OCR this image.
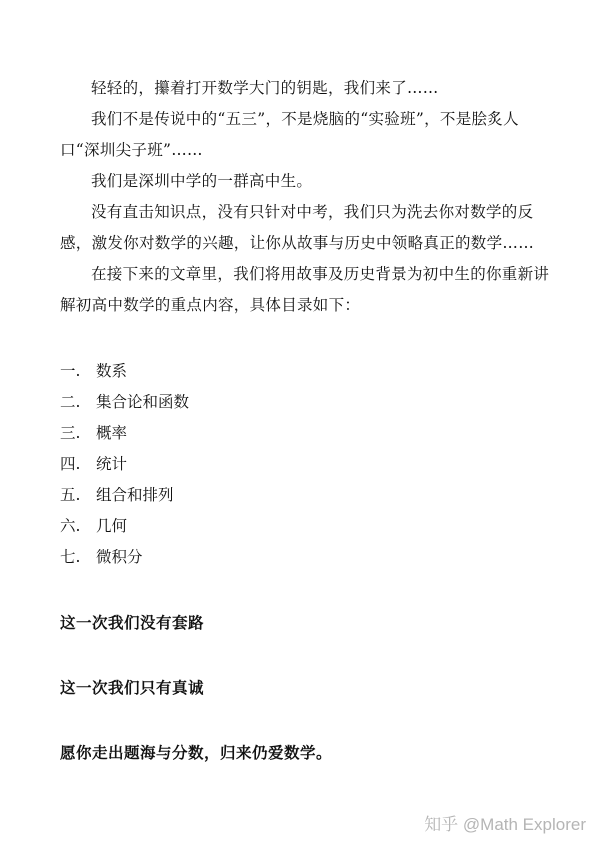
轻轻的，攥着打开数学大门的钥匙，我们来了……

我们不是传说中的“五三”，不是烧脑的“实验班”，不是脍炙人口“深圳尖子班”……

我们是深圳中学的一群高中生。

没有直击知识点，没有只针对中考，我们只为洗去你对数学的反感，激发你对数学的兴趣，让你从故事与历史中领略真正的数学……

在接下来的文章里，我们将用故事及历史背景为初中生的你重新讲解初高中数学的重点内容，具体目录如下：

一. 数系
二. 集合论和函数
三. 概率
四. 统计
五. 组合和排列
六. 几何
七. 微积分

这一次我们没有套路

这一次我们只有真诚

愿你走出题海与分数，归来仍爱数学。

知乎 @Math Explorer
